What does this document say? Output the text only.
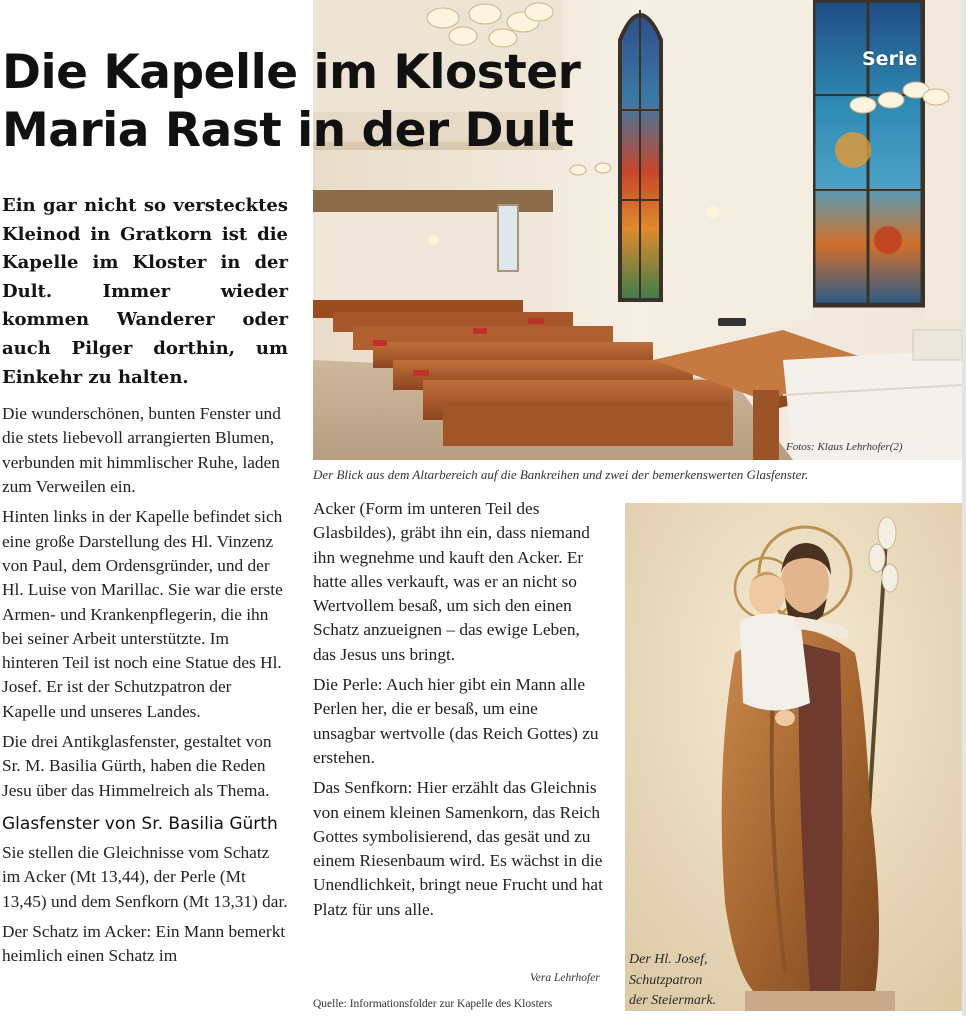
Serie
Fotos: Klaus Lehrhofer(2)
Die Kapelle im Kloster
Maria Rast in der Dult

Ein gar nicht so verstecktes Kleinod in Gratkorn ist die Kapelle im Kloster in der Dult. Immer wieder kommen Wanderer oder auch Pilger dorthin, um Einkehr zu halten.

Die wunderschönen, bunten Fenster und die stets liebevoll arrangierten Blumen, verbunden mit himmlischer Ruhe, laden zum Verweilen ein.

Hinten links in der Kapelle befindet sich eine große Darstellung des Hl. Vinzenz von Paul, dem Ordensgründer, und der Hl. Luise von Marillac. Sie war die erste Armen- und Krankenpflegerin, die ihn bei seiner Arbeit unterstützte. Im hinteren Teil ist noch eine Statue des Hl. Josef. Er ist der Schutzpatron der Kapelle und unseres Landes.

Die drei Antikglasfenster, gestaltet von Sr. M. Basilia Gürth, haben die Reden Jesu über das Himmelreich als Thema.

Glasfenster von Sr. Basilia Gürth

Sie stellen die Gleichnisse vom Schatz im Acker (Mt 13,44), der Perle (Mt 13,45) und dem Senfkorn (Mt 13,31) dar.

Der Schatz im Acker: Ein Mann bemerkt heimlich einen Schatz im

Der Blick aus dem Altarbereich auf die Bankreihen und zwei der bemerkenswerten Glasfenster.

Acker (Form im unteren Teil des Glasbildes), gräbt ihn ein, dass niemand ihn wegnehme und kauft den Acker. Er hatte alles verkauft, was er an nicht so Wertvollem besaß, um sich den einen Schatz anzueignen – das ewige Leben, das Jesus uns bringt.

Die Perle: Auch hier gibt ein Mann alle Perlen her, die er besaß, um eine unsagbar wertvolle (das Reich Gottes) zu erstehen.

Das Senfkorn: Hier erzählt das Gleichnis von einem kleinen Samenkorn, das Reich Gottes symbolisierend, das gesät und zu einem Riesenbaum wird. Es wächst in die Unendlichkeit, bringt neue Frucht und hat Platz für uns alle.

Vera Lehrhofer
Quelle: Informationsfolder zur Kapelle des Klosters
Der Hl. Josef,
Schutzpatron
der Steiermark.
